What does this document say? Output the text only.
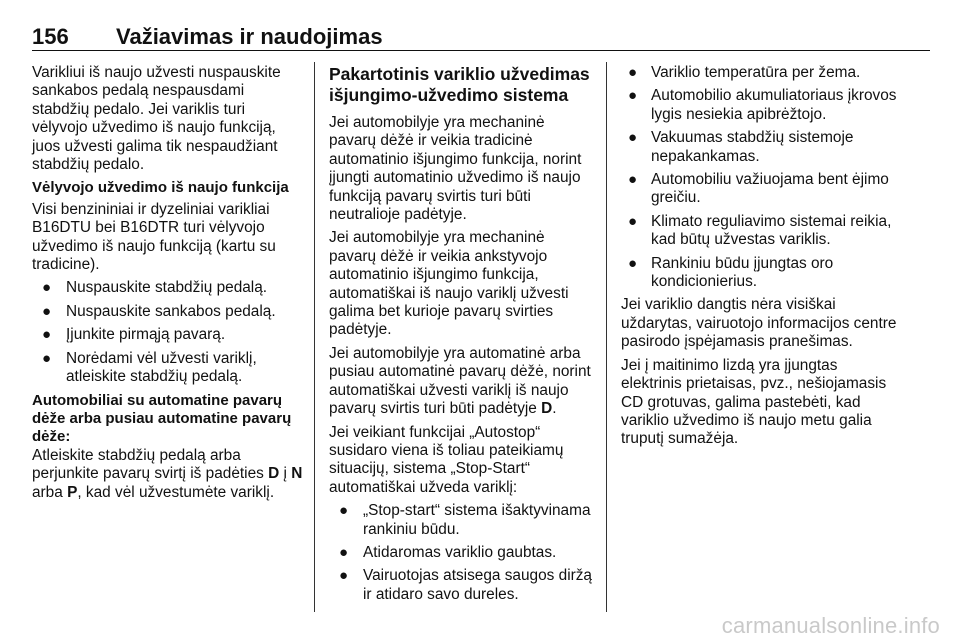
156 Važiavimas ir naudojimas

Varikliui iš naujo užvesti nuspauskite sankabos pedalą nespausdami stabdžių pedalo. Jei variklis turi vėlyvojo užvedimo iš naujo funkciją, juos užvesti galima tik nespaudžiant stabdžių pedalo.

Vėlyvojo užvedimo iš naujo funkcija

Visi benzininiai ir dyzeliniai varikliai B16DTU bei B16DTR turi vėlyvojo užvedimo iš naujo funkciją (kartu su tradicine).

● Nuspauskite stabdžių pedalą.
● Nuspauskite sankabos pedalą.
● Įjunkite pirmąją pavarą.
● Norėdami vėl užvesti variklį, atleiskite stabdžių pedalą.
Automobiliai su automatine pavarų dėže arba pusiau automatine pavarų dėže:

Atleiskite stabdžių pedalą arba perjunkite pavarų svirtį iš padėties D į N arba P, kad vėl užvestumėte variklį.

Pakartotinis variklio užvedimas išjungimo-užvedimo sistema

Jei automobilyje yra mechaninė pavarų dėžė ir veikia tradicinė automatinio išjungimo funkcija, norint įjungti automatinio užvedimo iš naujo funkciją pavarų svirtis turi būti neutralioje padėtyje.

Jei automobilyje yra mechaninė pavarų dėžė ir veikia ankstyvojo automatinio išjungimo funkcija, automatiškai iš naujo variklį užvesti galima bet kurioje pavarų svirties padėtyje.

Jei automobilyje yra automatinė arba pusiau automatinė pavarų dėžė, norint automatiškai užvesti variklį iš naujo pavarų svirtis turi būti padėtyje D.

Jei veikiant funkcijai „Autostop“ susidaro viena iš toliau pateikiamų situacijų, sistema „Stop-Start“ automatiškai užveda variklį:

● „Stop-start“ sistema išaktyvinama rankiniu būdu.
● Atidaromas variklio gaubtas.
● Vairuotojas atsisega saugos diržą ir atidaro savo dureles.
● Variklio temperatūra per žema.
● Automobilio akumuliatoriaus įkrovos lygis nesiekia apibrėžtojo.
● Vakuumas stabdžių sistemoje nepakankamas.
● Automobiliu važiuojama bent ėjimo greičiu.
● Klimato reguliavimo sistemai reikia, kad būtų užvestas variklis.
● Rankiniu būdu įjungtas oro kondicionierius.

Jei variklio dangtis nėra visiškai uždarytas, vairuotojo informacijos centre pasirodo įspėjamasis pranešimas.

Jei į maitinimo lizdą yra įjungtas elektrinis prietaisas, pvz., nešiojamasis CD grotuvas, galima pastebėti, kad variklio užvedimo iš naujo metu galia truputį sumažėja.

carmanualsonline.info
